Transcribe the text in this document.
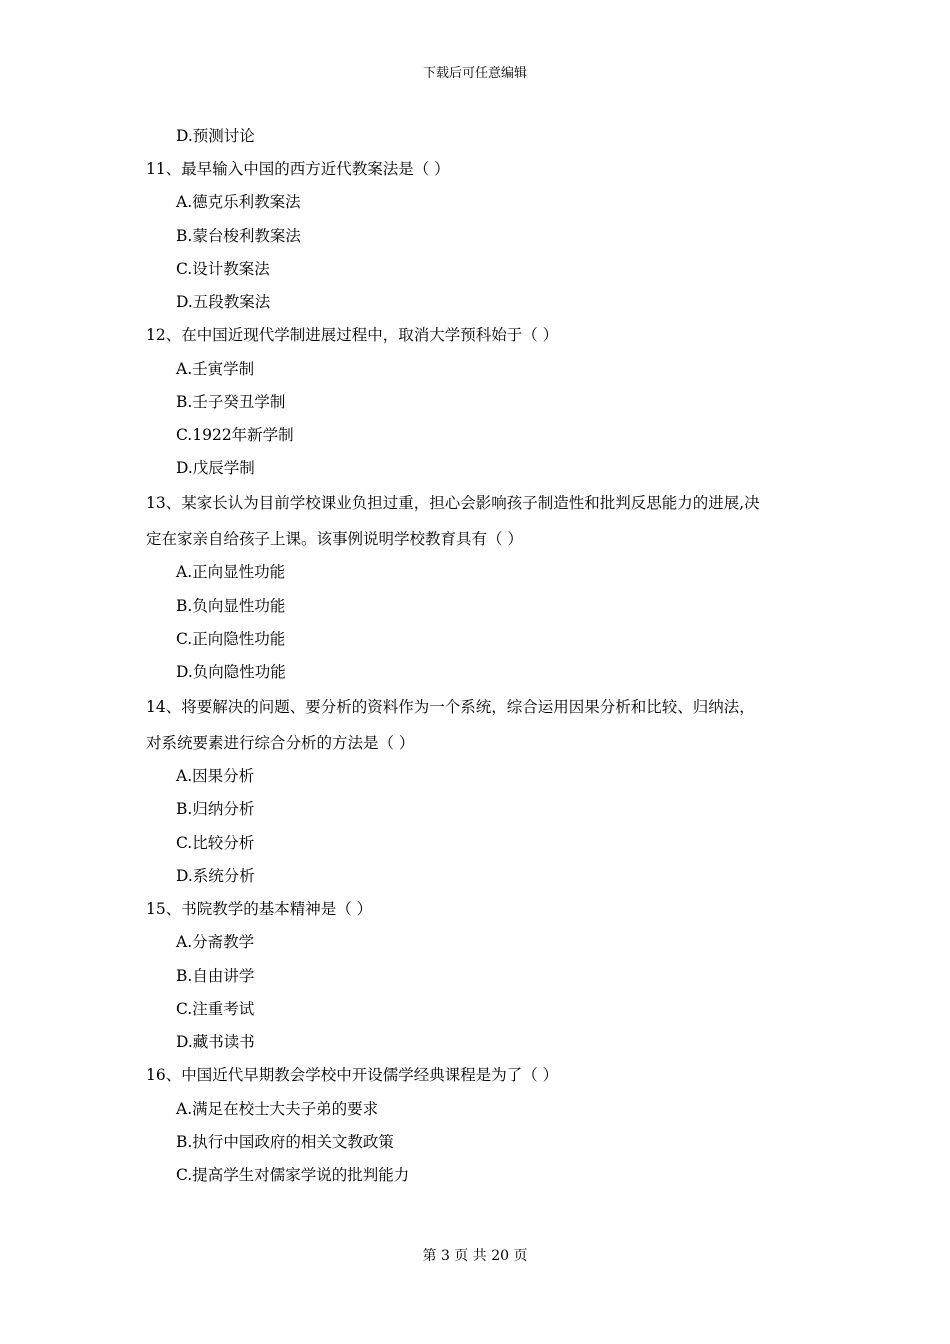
下载后可任意编辑
D.预测讨论
11、最早输入中国的西方近代教案法是（ ）
A.德克乐利教案法
B.蒙台梭利教案法
C.设计教案法
D.五段教案法
12、在中国近现代学制进展过程中，取消大学预科始于（ ）
A.壬寅学制
B.壬子癸丑学制
C.1922年新学制
D.戊辰学制
13、某家长认为目前学校课业负担过重，担心会影响孩子制造性和批判反思能力的进展,决
定在家亲自给孩子上课。该事例说明学校教育具有（ ）
A.正向显性功能
B.负向显性功能
C.正向隐性功能
D.负向隐性功能
14、将要解决的问题、要分析的资料作为一个系统，综合运用因果分析和比较、归纳法，
对系统要素进行综合分析的方法是（ ）
A.因果分析
B.归纳分析
C.比较分析
D.系统分析
15、书院教学的基本精神是（ ）
A.分斋教学
B.自由讲学
C.注重考试
D.藏书读书
16、中国近代早期教会学校中开设儒学经典课程是为了（ ）
A.满足在校士大夫子弟的要求
B.执行中国政府的相关文教政策
C.提高学生对儒家学说的批判能力
第 3 页 共 20 页
